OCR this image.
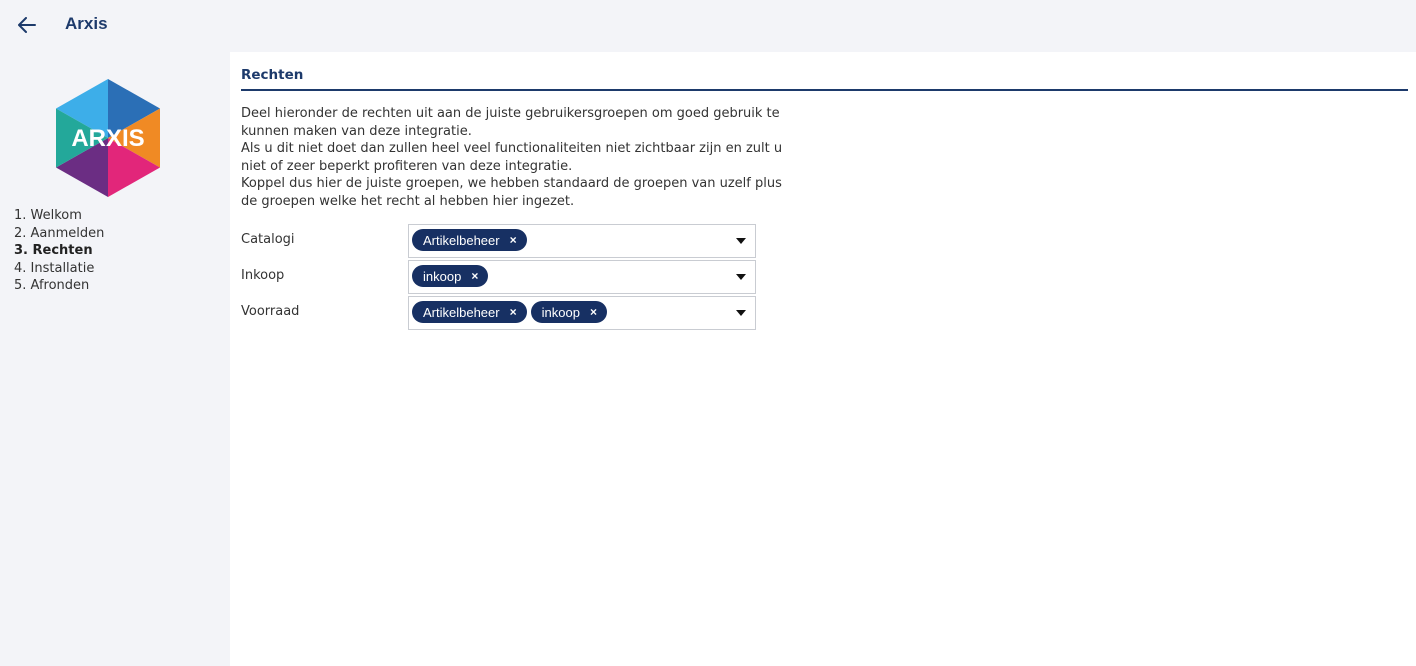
Arxis
ARXIS
1. Welkom
2. Aanmelden
3. Rechten
4. Installatie
5. Afronden
Rechten

Deel hieronder de rechten uit aan de juiste gebruikersgroepen om goed gebruik te kunnen maken van deze integratie.

Als u dit niet doet dan zullen heel veel functionaliteiten niet zichtbaar zijn en zult u niet of zeer beperkt profiteren van deze integratie.

Koppel dus hier de juiste groepen, we hebben standaard de groepen van uzelf plus de groepen welke het recht al hebben hier ingezet.

Catalogi	Artikelbeheer ×
Inkoop	inkoop ×
Voorraad	Artikelbeheer × inkoop ×
